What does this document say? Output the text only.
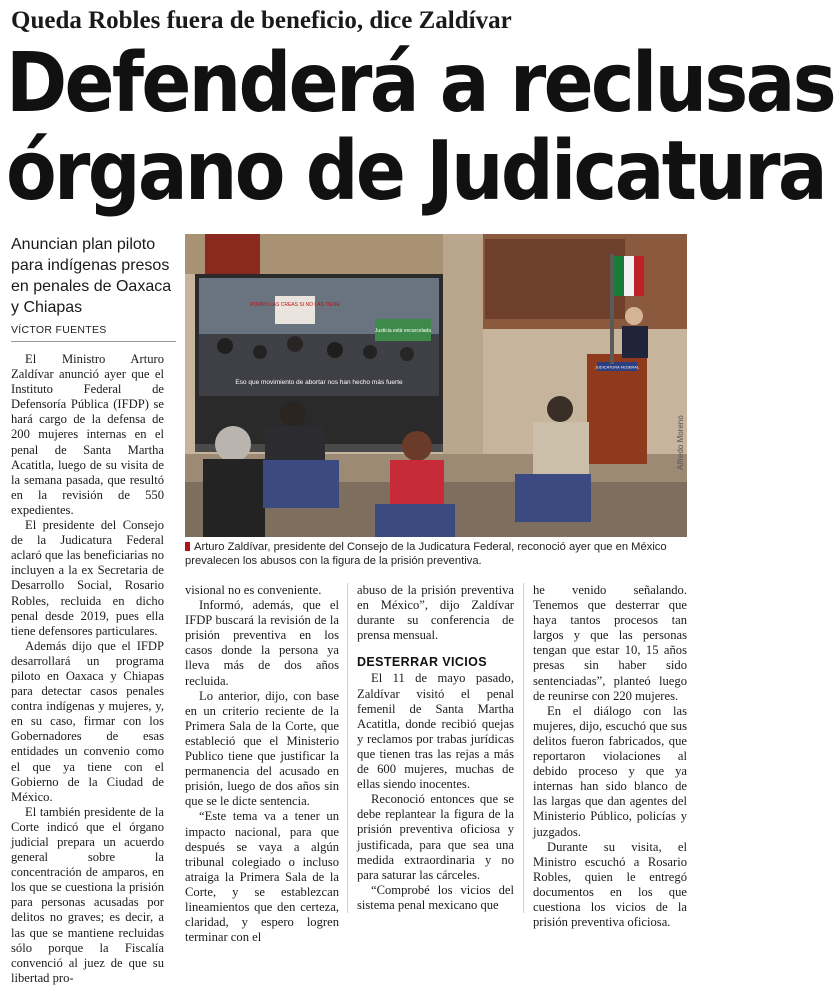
Queda Robles fuera de beneficio, dice Zaldívar
Defenderá a reclusas
órgano de Judicatura
Anuncian plan piloto para indígenas presos en penales de Oaxaca y Chiapas
VÍCTOR FUENTES
PORNO LAS CREAS SI NO LAS TIENE
Justicia está encarcelada
Eso que movimiento de abortar nos han hecho más fuerte
JUDICATURA FEDERAL
Alfredo Moreno
Arturo Zaldívar, presidente del Consejo de la Judicatura Federal, reconoció ayer que en México prevalecen los abusos con la figura de la prisión preventiva.

El Ministro Arturo Zaldívar anunció ayer que el Instituto Federal de Defensoría Pública (IFDP) se hará cargo de la defensa de 200 mujeres internas en el penal de Santa Martha Acatitla, luego de su visita de la semana pasada, que resultó en la revisión de 550 expedientes.

El presidente del Consejo de la Judicatura Federal aclaró que las beneficiarias no incluyen a la ex Secretaria de Desarrollo Social, Rosario Robles, recluida en dicho penal desde 2019, pues ella tiene defensores particulares.

Además dijo que el IFDP desarrollará un programa piloto en Oaxaca y Chiapas para detectar casos penales contra indígenas y mujeres, y, en su caso, firmar con los Gobernadores de esas entidades un convenio como el que ya tiene con el Gobierno de la Ciudad de México.

El también presidente de la Corte indicó que el órgano judicial prepara un acuerdo general sobre la concentración de amparos, en los que se cuestiona la prisión para personas acusadas por delitos no graves; es decir, a las que se mantiene recluidas sólo porque la Fiscalía convenció al juez de que su libertad pro-

visional no es conveniente.

Informó, además, que el IFDP buscará la revisión de la prisión preventiva en los casos donde la persona ya lleva más de dos años recluida.

Lo anterior, dijo, con base en un criterio reciente de la Primera Sala de la Corte, que estableció que el Ministerio Publico tiene que justificar la permanencia del acusado en prisión, luego de dos años sin que se le dicte sentencia.

“Este tema va a tener un impacto nacional, para que después se vaya a algún tribunal colegiado o incluso atraiga la Primera Sala de la Corte, y se establezcan lineamientos que den certeza, claridad, y espero logren terminar con el

abuso de la prisión preventiva en México”, dijo Zaldívar durante su conferencia de prensa mensual.

DESTERRAR VICIOS

El 11 de mayo pasado, Zaldívar visitó el penal femenil de Santa Martha Acatitla, donde recibió quejas y reclamos por trabas jurídicas que tienen tras las rejas a más de 600 mujeres, muchas de ellas siendo inocentes.

Reconoció entonces que se debe replantear la figura de la prisión preventiva oficiosa y justificada, para que sea una medida extraordinaria y no para saturar las cárceles.

“Comprobé los vicios del sistema penal mexicano que

he venido señalando. Tenemos que desterrar que haya tantos procesos tan largos y que las personas tengan que estar 10, 15 años presas sin haber sido sentenciadas”, planteó luego de reunirse con 220 mujeres.

En el diálogo con las mujeres, dijo, escuchó que sus delitos fueron fabricados, que reportaron violaciones al debido proceso y que ya internas han sido blanco de las largas que dan agentes del Ministerio Público, policías y juzgados.

Durante su visita, el Ministro escuchó a Rosario Robles, quien le entregó documentos en los que cuestiona los vicios de la prisión preventiva oficiosa.
